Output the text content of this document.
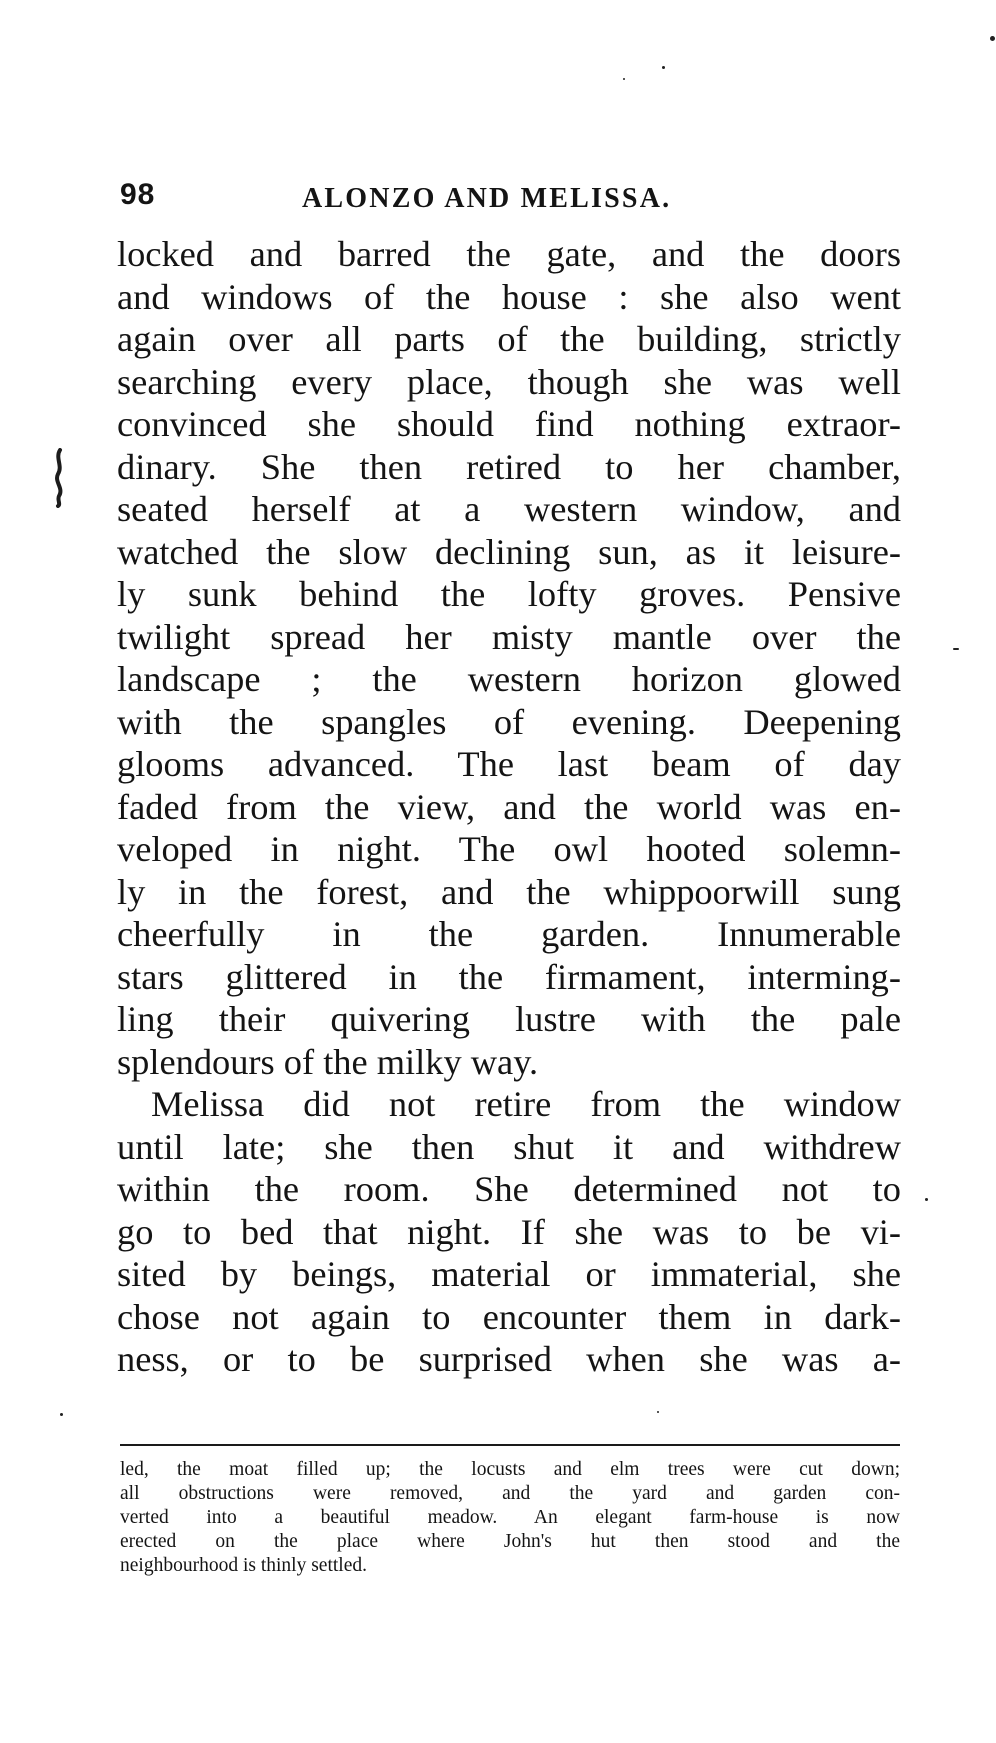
98	ALONZO AND MELISSA.
locked and barred the gate, and the doors
and windows of the house : she also went
again over all parts of the building, strictly
searching every place, though she was well
convinced she should find nothing extraor-
dinary. She then retired to her chamber,
seated herself at a western window, and
watched the slow declining sun, as it leisure-
ly sunk behind the lofty groves. Pensive
twilight spread her misty mantle over the
landscape ; the western horizon glowed
with the spangles of evening. Deepening
glooms advanced. The last beam of day
faded from the view, and the world was en-
veloped in night. The owl hooted solemn-
ly in the forest, and the whippoorwill sung
cheerfully in the garden. Innumerable
stars glittered in the firmament, interming-
ling their quivering lustre with the pale
splendours of the milky way.
Melissa did not retire from the window
until late; she then shut it and withdrew
within the room. She determined not to
go to bed that night. If she was to be vi-
sited by beings, material or immaterial, she
chose not again to encounter them in dark-
ness, or to be surprised when she was a-
led, the moat filled up; the locusts and elm trees were cut down;
all obstructions were removed, and the yard and garden con-
verted into a beautiful meadow. An elegant farm-house is now
erected on the place where John's hut then stood and the
neighbourhood is thinly settled.
